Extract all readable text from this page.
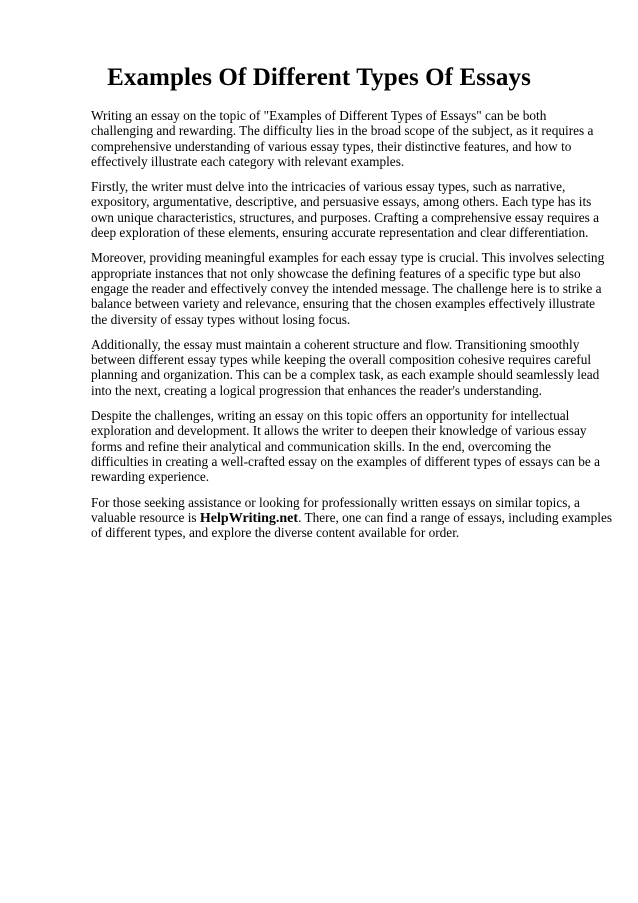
Examples Of Different Types Of Essays

Writing an essay on the topic of "Examples of Different Types of Essays" can be both
challenging and rewarding. The difficulty lies in the broad scope of the subject, as it requires a
comprehensive understanding of various essay types, their distinctive features, and how to
effectively illustrate each category with relevant examples.

Firstly, the writer must delve into the intricacies of various essay types, such as narrative,
expository, argumentative, descriptive, and persuasive essays, among others. Each type has its
own unique characteristics, structures, and purposes. Crafting a comprehensive essay requires a
deep exploration of these elements, ensuring accurate representation and clear differentiation.

Moreover, providing meaningful examples for each essay type is crucial. This involves selecting
appropriate instances that not only showcase the defining features of a specific type but also
engage the reader and effectively convey the intended message. The challenge here is to strike a
balance between variety and relevance, ensuring that the chosen examples effectively illustrate
the diversity of essay types without losing focus.

Additionally, the essay must maintain a coherent structure and flow. Transitioning smoothly
between different essay types while keeping the overall composition cohesive requires careful
planning and organization. This can be a complex task, as each example should seamlessly lead
into the next, creating a logical progression that enhances the reader's understanding.

Despite the challenges, writing an essay on this topic offers an opportunity for intellectual
exploration and development. It allows the writer to deepen their knowledge of various essay
forms and refine their analytical and communication skills. In the end, overcoming the
difficulties in creating a well-crafted essay on the examples of different types of essays can be a
rewarding experience.

For those seeking assistance or looking for professionally written essays on similar topics, a
valuable resource is HelpWriting.net. There, one can find a range of essays, including examples
of different types, and explore the diverse content available for order.
